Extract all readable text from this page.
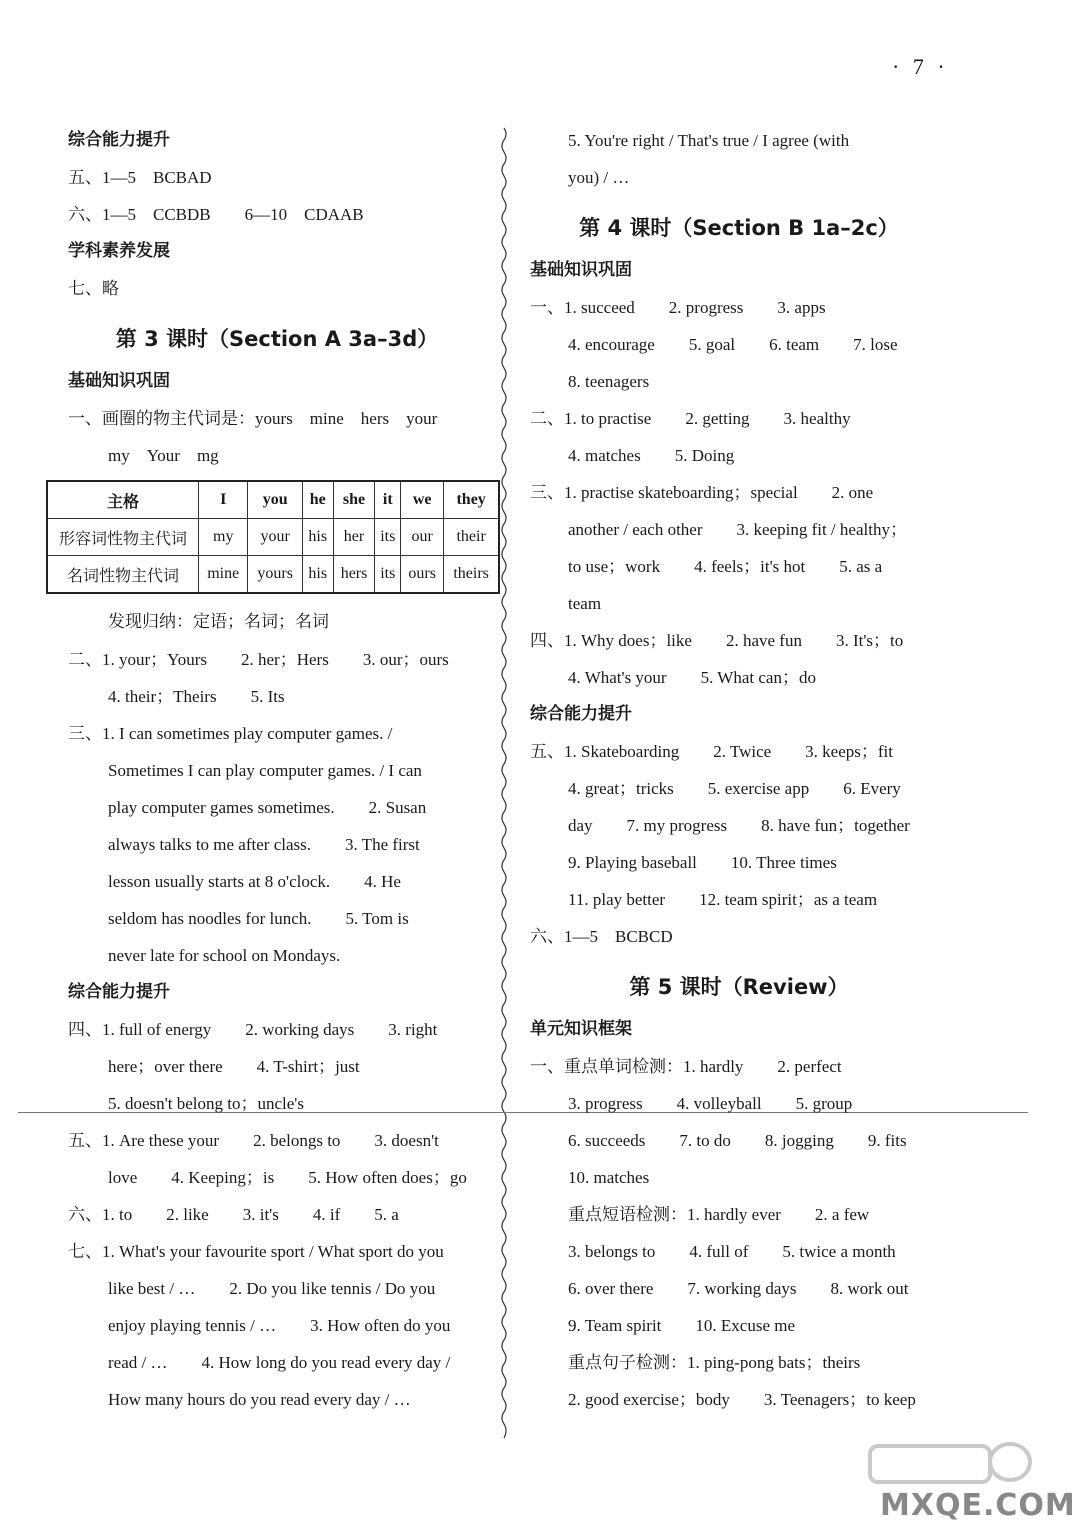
· 7 ·
综合能力提升
五、1—5　BCBAD
六、1—5　CCBDB　　 6—10　CDAAB
学科素养发展
七、略
第 3 课时（Section A 3a–3d）
基础知识巩固
一、画圈的物主代词是：yours　mine　hers　your
my　Your　mg
主格	I	you	he	she	it	we	they
形容词性物主代词	my	your	his	her	its	our	their
名词性物主代词	mine	yours	his	hers	its	ours	theirs
发现归纳：定语；名词；名词
二、1. your；Yours　　2. her；Hers　　3. our；ours
4. their；Theirs　　5. Its
三、1. I can sometimes play computer games. /
Sometimes I can play computer games. / I can
play computer games sometimes.　　2. Susan
always talks to me after class.　　3. The first
lesson usually starts at 8 o'clock.　　4. He
seldom has noodles for lunch.　　5. Tom is
never late for school on Mondays.
综合能力提升
四、1. full of energy　　2. working days　　3. right
here；over there　　4. T-shirt；just
5. doesn't belong to；uncle's
五、1. Are these your　　2. belongs to　　3. doesn't
love　　4. Keeping；is　　5. How often does；go
六、1. to　　2. like　　3. it's　　4. if　　5. a
七、1. What's your favourite sport / What sport do you
like best / …　　2. Do you like tennis / Do you
enjoy playing tennis / …　　3. How often do you
read / …　　4. How long do you read every day /
How many hours do you read every day / …
5. You're right / That's true / I agree (with
you) / …
第 4 课时（Section B 1a–2c）
基础知识巩固
一、1. succeed　　2. progress　　3. apps
4. encourage　　5. goal　　6. team　　7. lose
8. teenagers
二、1. to practise　　2. getting　　3. healthy
4. matches　　5. Doing
三、1. practise skateboarding；special　　2. one
another / each other　　3. keeping fit / healthy；
to use；work　　4. feels；it's hot　　5. as a
team
四、1. Why does；like　　2. have fun　　3. It's；to
4. What's your　　5. What can；do
综合能力提升
五、1. Skateboarding　　2. Twice　　3. keeps；fit
4. great；tricks　　5. exercise app　　6. Every
day　　7. my progress　　8. have fun；together
9. Playing baseball　　10. Three times
11. play better　　12. team spirit；as a team
六、1—5　BCBCD
第 5 课时（Review）
单元知识框架
一、重点单词检测：1. hardly　　2. perfect
3. progress　　4. volleyball　　5. group
6. succeeds　　7. to do　　8. jogging　　9. fits
10. matches
重点短语检测：1. hardly ever　　2. a few
3. belongs to　　4. full of　　5. twice a month
6. over there　　7. working days　　8. work out
9. Team spirit　　10. Excuse me
重点句子检测：1. ping-pong bats；theirs
2. good exercise；body　　3. Teenagers；to keep
MXQE.COM
